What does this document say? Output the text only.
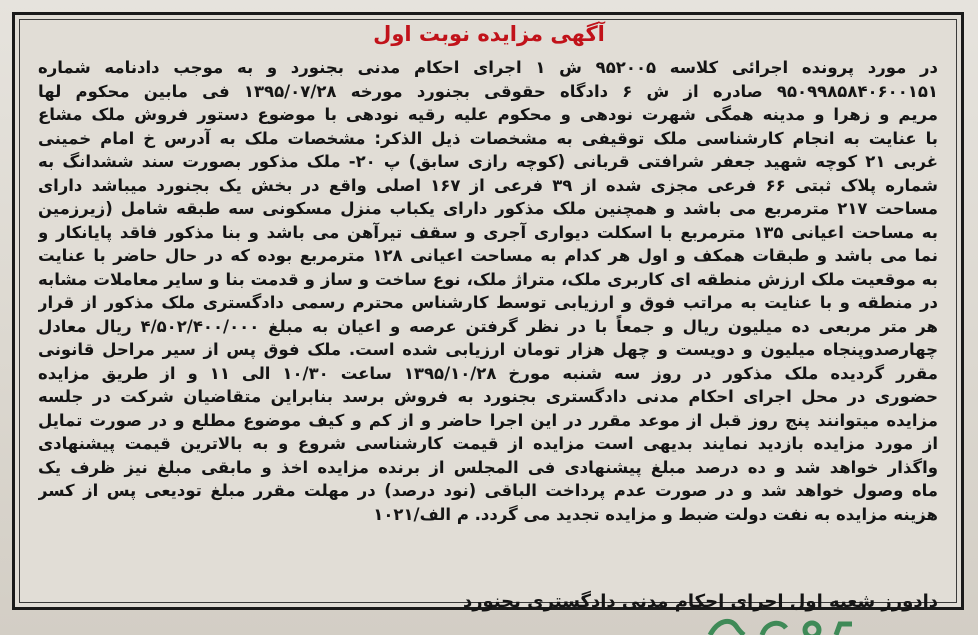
آگهی مزایده نوبت اول
در مورد پرونده اجرائی کلاسه ۹۵۲۰۰۵ ش ۱ اجرای احکام مدنی بجنورد و به موجب دادنامه شماره
۹۵۰۹۹۸۵۸۴۰۶۰۰۱۵۱ صادره از ش ۶ دادگاه حقوقی بجنورد مورخه ۱۳۹۵/۰۷/۲۸ فی مابین محکوم لها
مریم و زهرا و مدینه همگی شهرت نودهی و محکوم علیه رقیه نودهی با موضوع دستور فروش ملک مشاع
با عنایت به انجام کارشناسی ملک توقیفی به مشخصات ذیل الذکر: مشخصات ملک به آدرس خ امام خمینی
غربی ۲۱ کوچه شهید جعفر شرافتی قربانی (کوچه رازی سابق) پ ۲۰- ملک مذکور بصورت سند ششدانگ به
شماره پلاک ثبتی ۶۶ فرعی مجزی شده از ۳۹ فرعی از ۱۶۷ اصلی واقع در بخش یک بجنورد میباشد دارای
مساحت ۲۱۷ مترمربع می باشد و همچنین ملک مذکور دارای یکباب منزل مسکونی سه طبقه شامل (زیرزمین
به مساحت اعیانی ۱۳۵ مترمربع با اسکلت دیواری آجری و سقف تیرآهن می باشد و بنا مذکور فاقد پایانکار و
نما می باشد و طبقات همکف و اول هر کدام به مساحت اعیانی ۱۲۸ مترمربع بوده که در حال حاضر با عنایت
به موقعیت ملک ارزش منطقه ای کاربری ملک، متراژ ملک، نوع ساخت و ساز و قدمت بنا و سایر معاملات مشابه
در منطقه و با عنایت به مراتب فوق و ارزیابی توسط کارشناس محترم رسمی دادگستری ملک مذکور از قرار
هر متر مربعی ده میلیون ریال و جمعاً با در نظر گرفتن عرصه و اعیان به مبلغ ۴/۵۰۲/۴۰۰/۰۰۰ ریال معادل
چهارصدوپنجاه میلیون و دویست و چهل هزار تومان ارزیابی شده است. ملک فوق پس از سیر مراحل قانونی
مقرر گردیده ملک مذکور در روز سه شنبه مورخ ۱۳۹۵/۱۰/۲۸ ساعت ۱۰/۳۰ الی ۱۱ و از طریق مزایده
حضوری در محل اجرای احکام مدنی دادگستری بجنورد به فروش برسد بنابراین متقاضیان شرکت در جلسه
مزایده میتوانند پنج روز قبل از موعد مقرر در این اجرا حاضر و از کم و کیف موضوع مطلع و در صورت تمایل
از مورد مزایده بازدید نمایند بدیهی است مزایده از قیمت کارشناسی شروع و به بالاترین قیمت پیشنهادی
واگذار خواهد شد و ده درصد مبلغ پیشنهادی فی المجلس از برنده مزایده اخذ و مابقی مبلغ نیز ظرف یک
ماه وصول خواهد شد و در صورت عدم پرداخت الباقی (نود درصد) در مهلت مقرر مبلغ تودیعی پس از کسر
هزینه مزایده به نفت دولت ضبط و مزایده تجدید می گردد. م الف/۱۰۲۱
دادورز شعبه اول اجرای احکام مدنی دادگستری بجنورد
